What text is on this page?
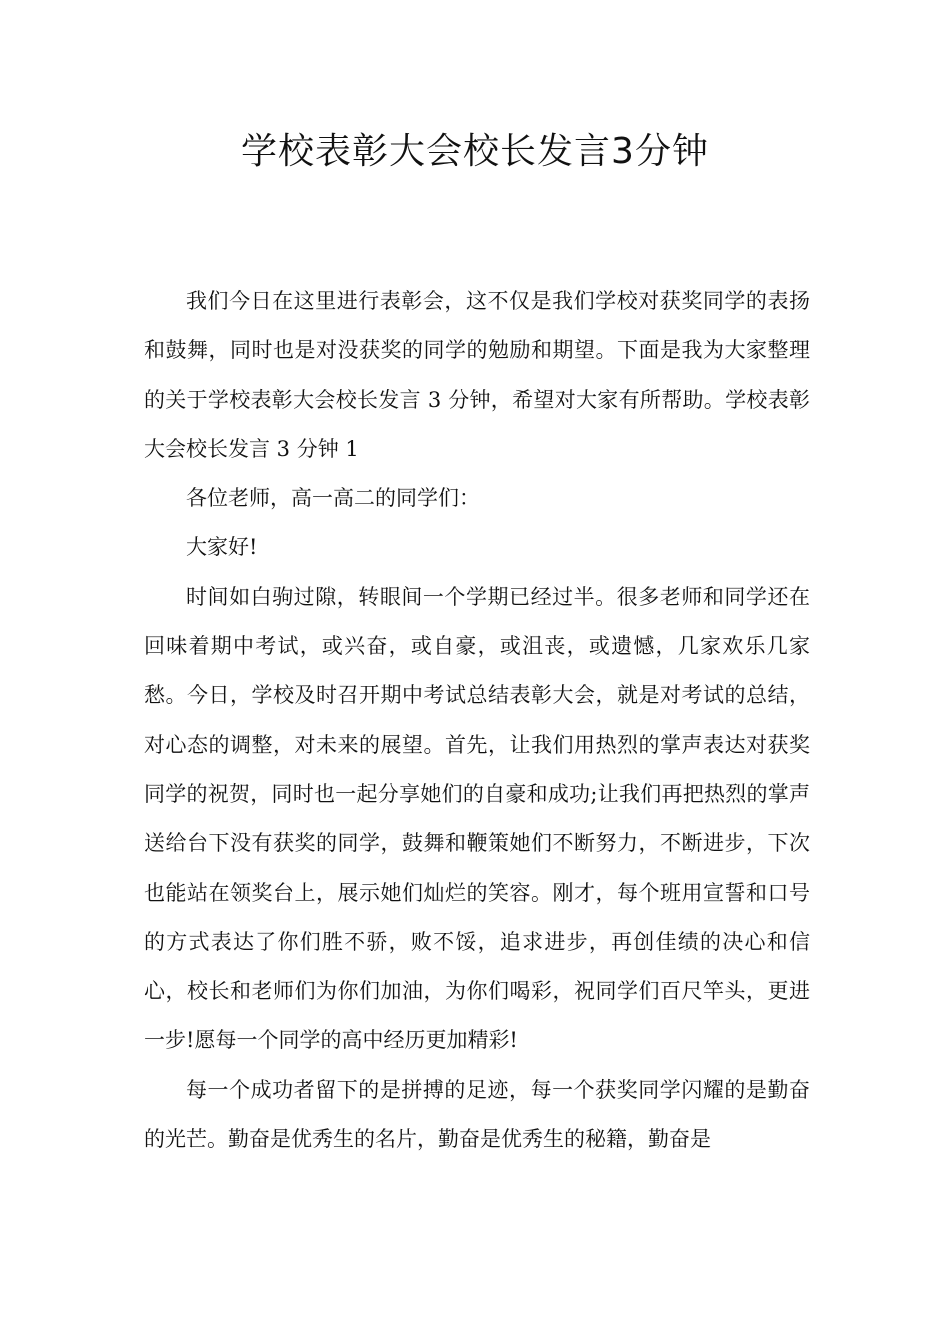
学校表彰大会校长发言3分钟

我们今日在这里进行表彰会，这不仅是我们学校对获奖同学的表扬和鼓舞，同时也是对没获奖的同学的勉励和期望。下面是我为大家整理的关于学校表彰大会校长发言 3 分钟，希望对大家有所帮助。学校表彰大会校长发言 3 分钟 1

各位老师，高一高二的同学们：

大家好!

时间如白驹过隙，转眼间一个学期已经过半。很多老师和同学还在回味着期中考试，或兴奋，或自豪，或沮丧，或遗憾，几家欢乐几家愁。今日，学校及时召开期中考试总结表彰大会，就是对考试的总结，对心态的调整，对未来的展望。首先，让我们用热烈的掌声表达对获奖同学的祝贺，同时也一起分享她们的自豪和成功;让我们再把热烈的掌声送给台下没有获奖的同学，鼓舞和鞭策她们不断努力，不断进步，下次也能站在领奖台上，展示她们灿烂的笑容。刚才，每个班用宣誓和口号的方式表达了你们胜不骄，败不馁，追求进步，再创佳绩的决心和信心，校长和老师们为你们加油，为你们喝彩，祝同学们百尺竿头，更进一步!愿每一个同学的高中经历更加精彩!

每一个成功者留下的是拼搏的足迹，每一个获奖同学闪耀的是勤奋的光芒。勤奋是优秀生的名片，勤奋是优秀生的秘籍，勤奋是
